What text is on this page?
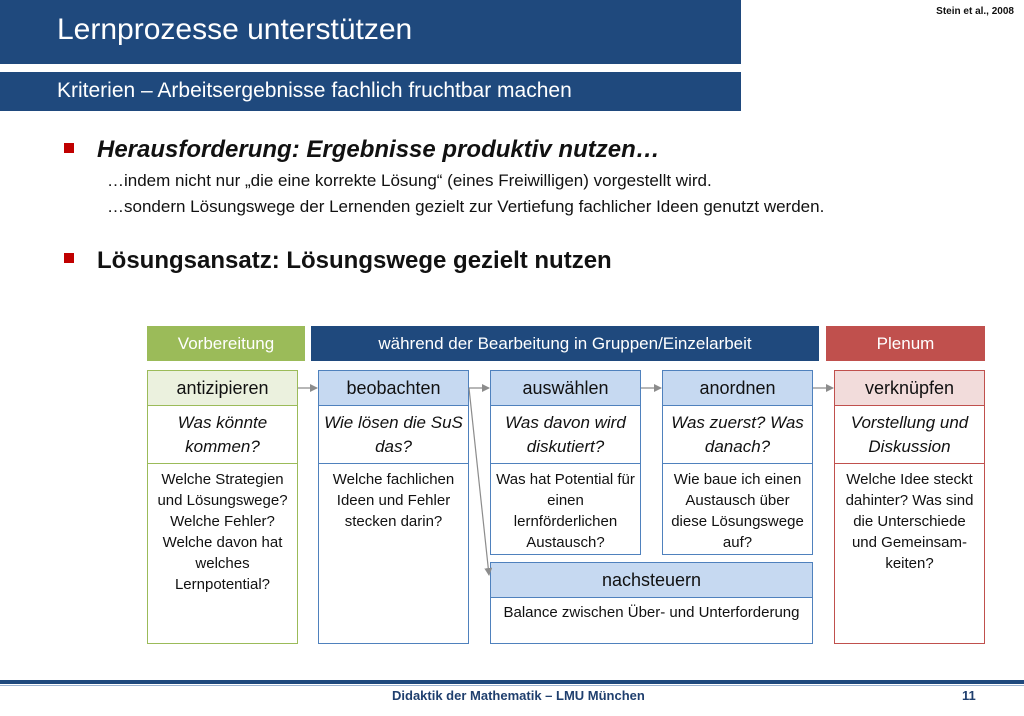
Lernprozesse unterstützen
Kriterien – Arbeitsergebnisse fachlich fruchtbar machen
Stein et al., 2008
Herausforderung: Ergebnisse produktiv nutzen…
…indem nicht nur „die eine korrekte Lösung“ (eines Freiwilligen) vorgestellt wird.
…sondern Lösungswege der Lernenden gezielt zur Vertiefung fachlicher Ideen genutzt werden.
Lösungsansatz: Lösungswege gezielt nutzen
Vorbereitung	während der Bearbeitung in Gruppen/Einzelarbeit	Plenum
antizipieren
Was könnte kommen?
Welche Strategien und Lösungswege? Welche Fehler? Welche davon hat welches Lernpotential?
beobachten
Wie lösen die SuS das?
Welche fachlichen Ideen und Fehler stecken darin?
auswählen
Was davon wird diskutiert?
Was hat Potential für einen lernförderlichen Austausch?
anordnen
Was zuerst? Was danach?
Wie baue ich einen Austausch über diese Lösungswege auf?
verknüpfen
Vorstellung und Diskussion
Welche Idee steckt dahinter? Was sind die Unterschiede und Gemeinsam-keiten?
nachsteuern
Balance zwischen Über- und Unterforderung
Didaktik der Mathematik – LMU München	11
